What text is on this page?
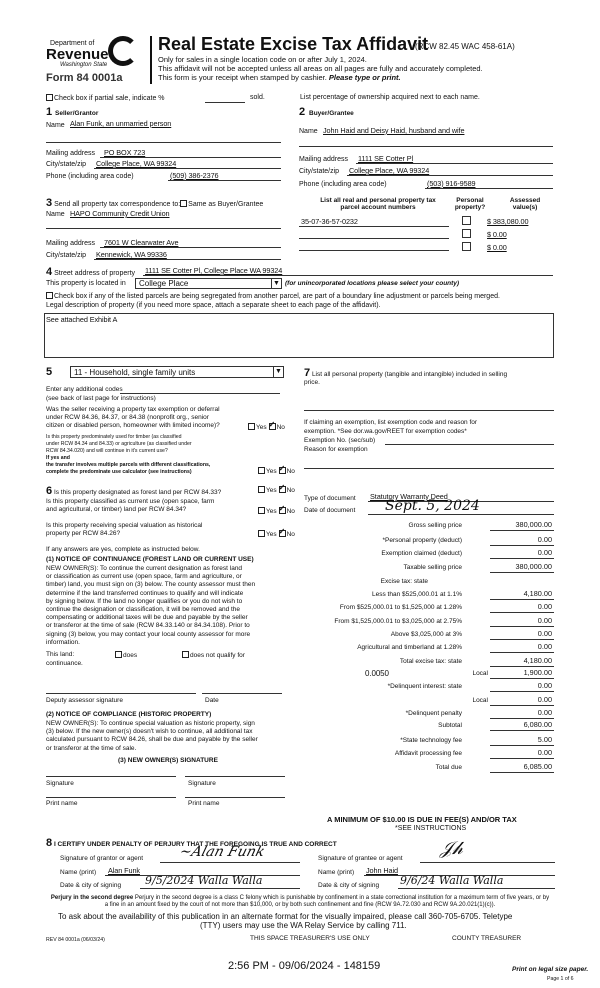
Department of
Revenue
Washington State
Form 84 0001a
Real Estate Excise Tax Affidavit
(RCW 82.45 WAC 458-61A)
Only for sales in a single location code on or after July 1, 2024.
This affidavit will not be accepted unless all areas on all pages are fully and accurately completed.
This form is your receipt when stamped by cashier. Please type or print.
Check box if partial sale, indicate %	sold.	List percentage of ownership acquired next to each name.
1 Seller/Grantor
Name Alan Funk, an unmarried person
Mailing address PO BOX 723
City/state/zip College Place, WA 99324
Phone (including area code)	(509) 386-2376
2 Buyer/Grantee
Name John Haid and Deisy Haid, husband and wife
Mailing address 1111 SE Cotter Pl
City/state/zip College Place, WA 99324
Phone (including area code)	(503) 916-9589
3 Send all property tax correspondence to: Same as Buyer/Grantee
Name HAPO Community Credit Union
Mailing address 7601 W Clearwater Ave
City/state/zip Kennewick, WA 99336
List all real and personal property tax
parcel account numbers
Personal
property?
Assessed
value(s)
35-07-36-57-0232	$ 383,080.00
$ 0.00
$ 0.00
4 Street address of property 1111 SE Cotter Pl, College Place WA 99324
This property is located in	College Place	▼ (for unincorporated locations please select your county)
Check box if any of the listed parcels are being segregated from another parcel, are part of a boundary line adjustment or parcels being merged.
Legal description of property (if you need more space, attach a separate sheet to each page of the affidavit).
See attached Exhibit A
5	11 - Household, single family units	▼
Enter any additional codes
(see back of last page for instructions)
Was the seller receiving a property tax exemption or deferral
under RCW 84.36, 84.37, or 84.38 (nonprofit org., senior
citizen or disabled person, homeowner with limited income)?	Yes ✓ No
Is this property predominately used for timber (as classified
under RCW 84.34 and 84.33) or agriculture (as classified under
RCW 84.34.020) and will continue in it's current use?
If yes and
the transfer involves multiple parcels with different classifications,
complete the predominate use calculator (see instructions)	Yes ✓ No
6 Is this property designated as forest land per RCW 84.33?	Yes ✓ No
Is this property classified as current use (open space, farm
and agricultural, or timber) land per RCW 84.34?	Yes ✓ No
Is this property receiving special valuation as historical
property per RCW 84.26?	Yes ✓ No
If any answers are yes, complete as instructed below.
(1) NOTICE OF CONTINUANCE (FOREST LAND OR CURRENT USE)
NEW OWNER(S): To continue the current designation as forest land
or classification as current use (open space, farm and agriculture, or
timber) land, you must sign on (3) below. The county assessor must then
determine if the land transferred continues to qualify and will indicate
by signing below. If the land no longer qualifies or you do not wish to
continue the designation or classification, it will be removed and the
compensating or additional taxes will be due and payable by the seller
or transferor at the time of sale (RCW 84.33.140 or 84.34.108). Prior to
signing (3) below, you may contact your local county assessor for more
information.
This land:	does	does not qualify for
continuance.
Deputy assessor signature	Date
(2) NOTICE OF COMPLIANCE (HISTORIC PROPERTY)
NEW OWNER(S): To continue special valuation as historic property, sign
(3) below. If the new owner(s) doesn't wish to continue, all additional tax
calculated pursuant to RCW 84.26, shall be due and payable by the seller
or transferor at the time of sale.
(3) NEW OWNER(S) SIGNATURE
Signature	Signature
Print name	Print name
7 List all personal property (tangible and intangible) included in selling
price.
If claiming an exemption, list exemption code and reason for
exemption. *See dor.wa.gov/REET for exemption codes*
Exemption No. (sec/sub)
Reason for exemption
Type of document Statutory Warranty Deed
Date of document Sept. 5, 2024
Gross selling price	380,000.00
*Personal property (deduct)	0.00
Exemption claimed (deduct)	0.00
Taxable selling price	380,000.00
Excise tax: state
Less than $525,000.01 at 1.1%	4,180.00
From $525,000.01 to $1,525,000 at 1.28%	0.00
From $1,525,000.01 to $3,025,000 at 2.75%	0.00
Above $3,025,000 at 3%	0.00
Agricultural and timberland at 1.28%	0.00
Total excise tax: state	4,180.00
Local
0.0050	1,900.00
*Delinquent interest: state	0.00
Local	0.00
*Delinquent penalty	0.00
Subtotal	6,080.00
*State technology fee	5.00
Affidavit processing fee	0.00
Total due	6,085.00
A MINIMUM OF $10.00 IS DUE IN FEE(S) AND/OR TAX
*SEE INSTRUCTIONS
8 I CERTIFY UNDER PENALTY OF PERJURY THAT THE FOREGOING IS TRUE AND CORRECT
Signature of grantor or agent ~Alan Funk
Name (print) Alan Funk
Date & city of signing 9/5/2024 Walla Walla
Signature of grantee or agent 𝒥𝒽
Name (print) John Haid
Date & city of signing 9/6/24 Walla Walla
Perjury in the second degree Perjury in the second degree is a class C felony which is punishable by confinement in a state correctional institution for a maximum term of five years, or by
a fine in an amount fixed by the court of not more than $10,000, or by both such confinement and fine (RCW 9A.72.030 and RCW 9A.20.021(1)(c)).
To ask about the availability of this publication in an alternate format for the visually impaired, please call 360-705-6705. Teletype
(TTY) users may use the WA Relay Service by calling 711.
REV 84 0001a (06/03/24)	THIS SPACE TREASURER'S USE ONLY	COUNTY TREASURER
2:56 PM - 09/06/2024 - 148159	Print on legal size paper.
Page 1 of 6
